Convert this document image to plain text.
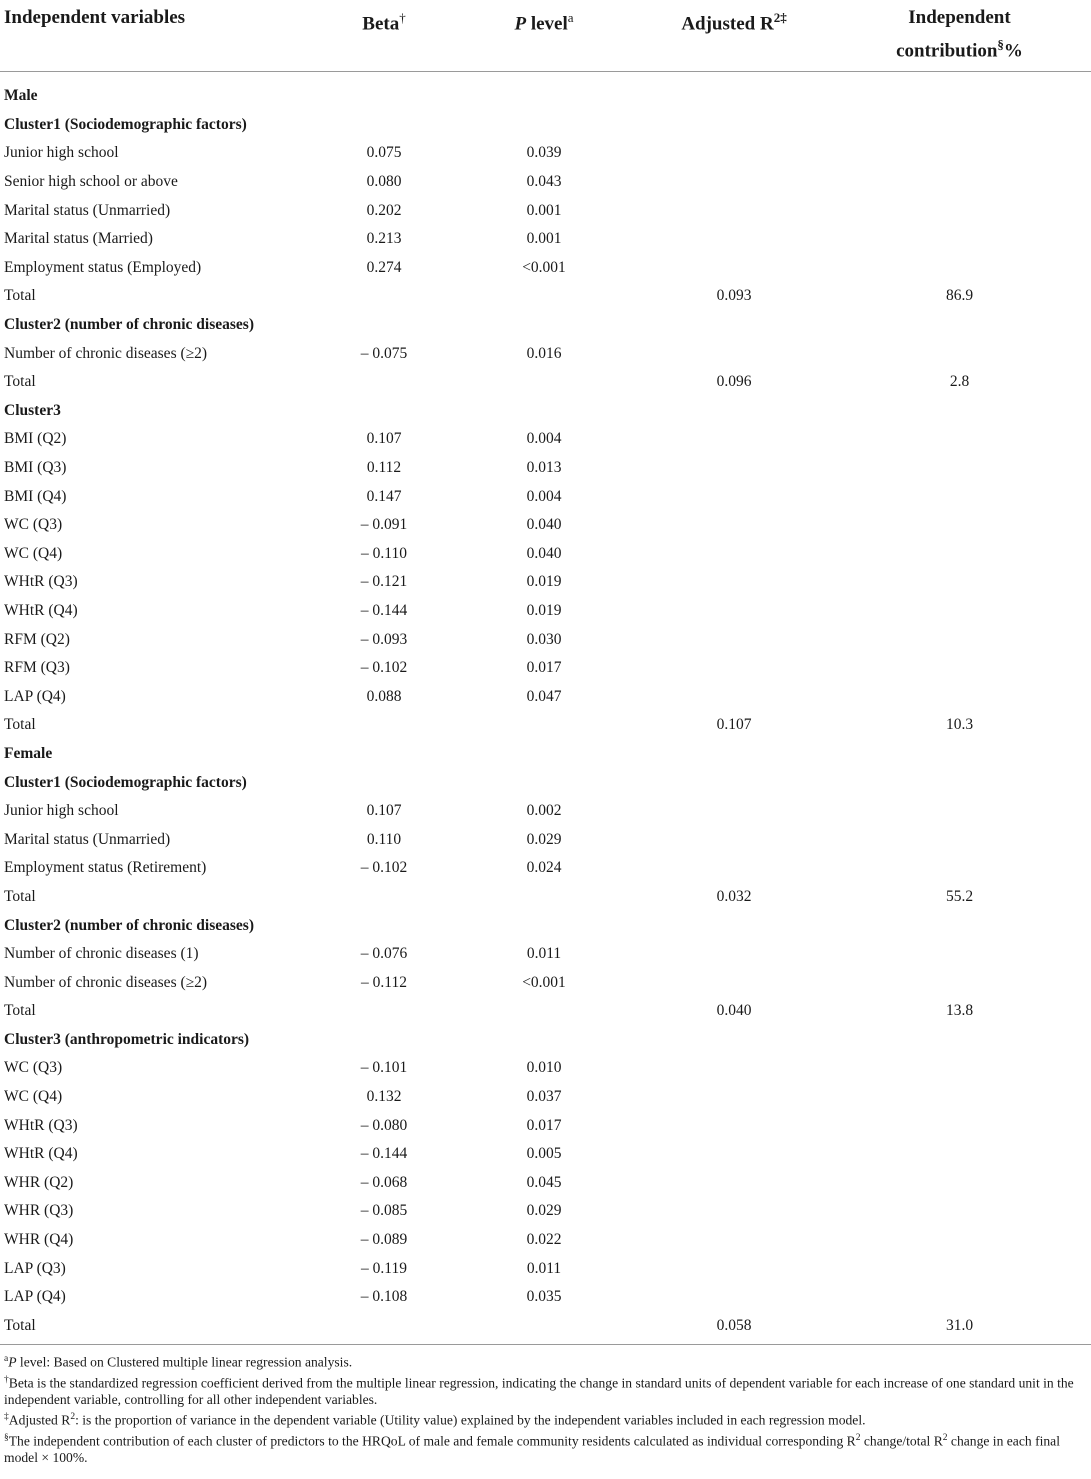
Independent variables	Beta†	P level$^a$	Adjusted $R^{2\ddagger}$	Independent
contribution§%
Male				
Cluster1 (Sociodemographic factors)				
Junior high school	0.075	0.039		
Senior high school or above	0.080	0.043		
Marital status (Unmarried)	0.202	0.001		
Marital status (Married)	0.213	0.001		
Employment status (Employed)	0.274	<0.001		
Total			0.093	86.9
Cluster2 (number of chronic diseases)				
Number of chronic diseases (≥2)	– 0.075	0.016		
Total			0.096	2.8
Cluster3				
BMI (Q2)	0.107	0.004		
BMI (Q3)	0.112	0.013		
BMI (Q4)	0.147	0.004		
WC (Q3)	– 0.091	0.040		
WC (Q4)	– 0.110	0.040		
WHtR (Q3)	– 0.121	0.019		
WHtR (Q4)	– 0.144	0.019		
RFM (Q2)	– 0.093	0.030		
RFM (Q3)	– 0.102	0.017		
LAP (Q4)	0.088	0.047		
Total			0.107	10.3
Female				
Cluster1 (Sociodemographic factors)				
Junior high school	0.107	0.002		
Marital status (Unmarried)	0.110	0.029		
Employment status (Retirement)	– 0.102	0.024		
Total			0.032	55.2
Cluster2 (number of chronic diseases)				
Number of chronic diseases (1)	– 0.076	0.011		
Number of chronic diseases (≥2)	– 0.112	<0.001		
Total			0.040	13.8
Cluster3 (anthropometric indicators)				
WC (Q3)	– 0.101	0.010		
WC (Q4)	0.132	0.037		
WHtR (Q3)	– 0.080	0.017		
WHtR (Q4)	– 0.144	0.005		
WHR (Q2)	– 0.068	0.045		
WHR (Q3)	– 0.085	0.029		
WHR (Q4)	– 0.089	0.022		
LAP (Q3)	– 0.119	0.011		
LAP (Q4)	– 0.108	0.035		
Total			0.058	31.0

$^a$P level: Based on Clustered multiple linear regression analysis.

†Beta is the standardized regression coefficient derived from the multiple linear regression, indicating the change in standard units of dependent variable for each increase of one standard unit in the independent variable, controlling for all other independent variables.

‡Adjusted $R^2$: is the proportion of variance in the dependent variable (Utility value) explained by the independent variables included in each regression model.

§The independent contribution of each cluster of predictors to the HRQoL of male and female community residents calculated as individual corresponding $R^2$ change/total $R^2$ change in each final model × 100%.
